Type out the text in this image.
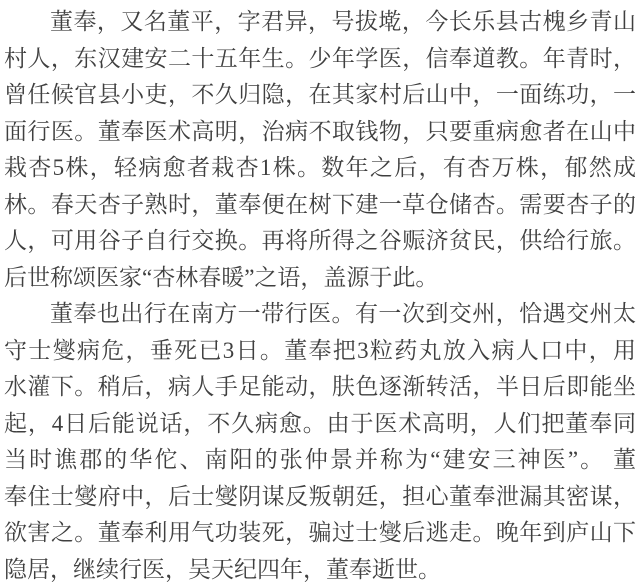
董奉，又名董平，字君异，号拔墘，今长乐县古槐乡青山
村人，东汉建安二十五年生。少年学医，信奉道教。年青时，
曾任候官县小吏，不久归隐，在其家村后山中，一面练功，一
面行医。董奉医术高明，治病不取钱物，只要重病愈者在山中
栽杏5株，轻病愈者栽杏1株。数年之后，有杏万株，郁然成
林。春天杏子熟时，董奉便在树下建一草仓储杏。需要杏子的
人，可用谷子自行交换。再将所得之谷赈济贫民，供给行旅。
后世称颂医家“杏林春暖”之语，盖源于此。
董奉也出行在南方一带行医。有一次到交州，恰遇交州太
守士燮病危，垂死已3日。董奉把3粒药丸放入病人口中，用
水灌下。稍后，病人手足能动，肤色逐渐转活，半日后即能坐
起，4日后能说话，不久病愈。由于医术高明，人们把董奉同
当时谯郡的华佗、南阳的张仲景并称为“建安三神医”。 董
奉住士燮府中，后士燮阴谋反叛朝廷，担心董奉泄漏其密谋，
欲害之。董奉利用气功装死，骗过士燮后逃走。晚年到庐山下
隐居，继续行医，吴天纪四年，董奉逝世。
